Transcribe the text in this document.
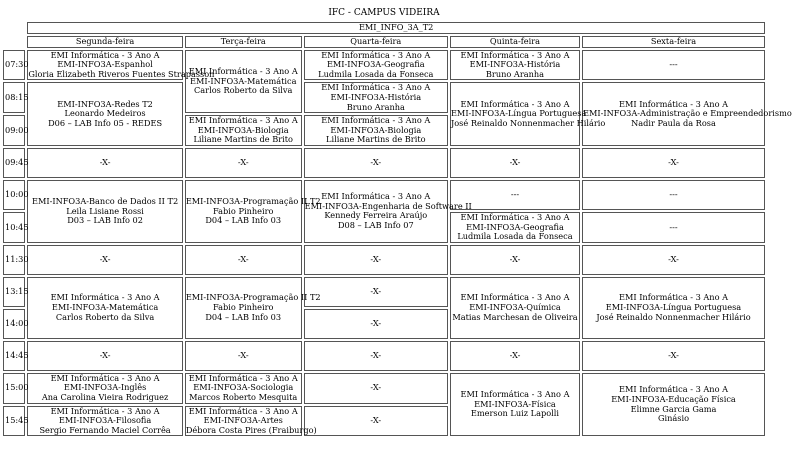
IFC - CAMPUS VIDEIRA
	EMI_INFO_3A_T2				
	Segunda-feira	Terça-feira	Quarta-feira	Quinta-feira	Sexta-feira
07:30	EMI Informática - 3 Ano A
EMI-INFO3A-Espanhol
Gloria Elizabeth Riveros Fuentes Strapasson	EMI Informática - 3 Ano A
EMI-INFO3A-Matemática
Carlos Roberto da Silva	EMI Informática - 3 Ano A
EMI-INFO3A-Geografia
Ludmila Losada da Fonseca	EMI Informática - 3 Ano A
EMI-INFO3A-História
Bruno Aranha	---
08:15	EMI-INFO3A-Redes T2
Leonardo Medeiros
D06 – LAB Info 05 - REDES		EMI Informática - 3 Ano A
EMI-INFO3A-História
Bruno Aranha	EMI Informática - 3 Ano A
EMI-INFO3A-Língua Portuguesa
José Reinaldo Nonnenmacher Hilário	EMI Informática - 3 Ano A
EMI-INFO3A-Administração e Empreendedorismo
Nadir Paula da Rosa

09:00		EMI Informática - 3 Ano A
EMI-INFO3A-Biologia
Liliane Martins de Brito	EMI Informática - 3 Ano A
EMI-INFO3A-Biologia
Liliane Martins de Brito		

09:45	-X-	-X-	-X-	-X-	-X-
10:00	EMI-INFO3A-Banco de Dados II T2
Leila Lisiane Rossi
D03 – LAB Info 02	EMI-INFO3A-Programação II T2
Fabio Pinheiro
D04 – LAB Info 03	EMI Informática - 3 Ano A
EMI-INFO3A-Engenharia de Software II
Kennedy Ferreira Araújo
D08 – LAB Info 07	---	---
10:45				EMI Informática - 3 Ano A
EMI-INFO3A-Geografia
Ludmila Losada da Fonseca	---
11:30	-X-	-X-	-X-	-X-	-X-
13:15	EMI Informática - 3 Ano A
EMI-INFO3A-Matemática
Carlos Roberto da Silva	EMI-INFO3A-Programação II T2
Fabio Pinheiro
D04 – LAB Info 03	-X-	EMI Informática - 3 Ano A
EMI-INFO3A-Química
Matias Marchesan de Oliveira	EMI Informática - 3 Ano A
EMI-INFO3A-Língua Portuguesa
José Reinaldo Nonnenmacher Hilário

14:00			-X-		
14:45	-X-	-X-	-X-	-X-	-X-
15:00	EMI Informática - 3 Ano A
EMI-INFO3A-Inglês
Ana Carolina Vieira Rodriguez	EMI Informática - 3 Ano A
EMI-INFO3A-Sociologia
Marcos Roberto Mesquita	-X-	EMI Informática - 3 Ano A
EMI-INFO3A-Física
Emerson Luiz Lapolli	EMI Informática - 3 Ano A
EMI-INFO3A-Educação Física
Elimne Garcia Gama
Ginásio

15:45	EMI Informática - 3 Ano A
EMI-INFO3A-Filosofia
Sergio Fernando Maciel Corrêa	EMI Informática - 3 Ano A
EMI-INFO3A-Artes
Débora Costa Pires (Fraiburgo)	-X-		
